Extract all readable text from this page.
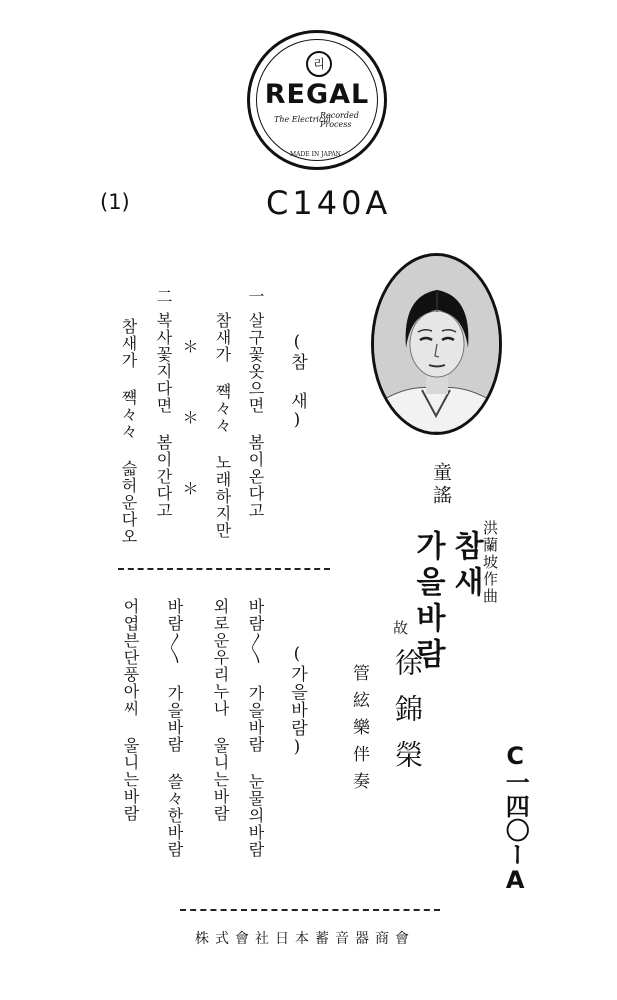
리
REGAL
The Electrical
Recorded Process
MADE IN JAPAN
(1)	C140A
(참 새)
一
살구꽃옷으면 봄이온다고
참새가 쨱々々 노래하지만
＊ ＊ ＊
二
복사꽃지다면 봄이간다고
참새가 쨱々々 슯허운다오
(가을바람)
바람〳〵 가을바람 눈물의바람
외로운우리누나 울니는바람
바람〳〵 가을바람 쓸々한바람
어엽븐단풍아씨 울니는바람
童謠
洪蘭坡作曲
참새
가을바람
故
徐錦榮
管絃樂伴奏
C一四〇ーA
株式會社日本蓄音器商會
